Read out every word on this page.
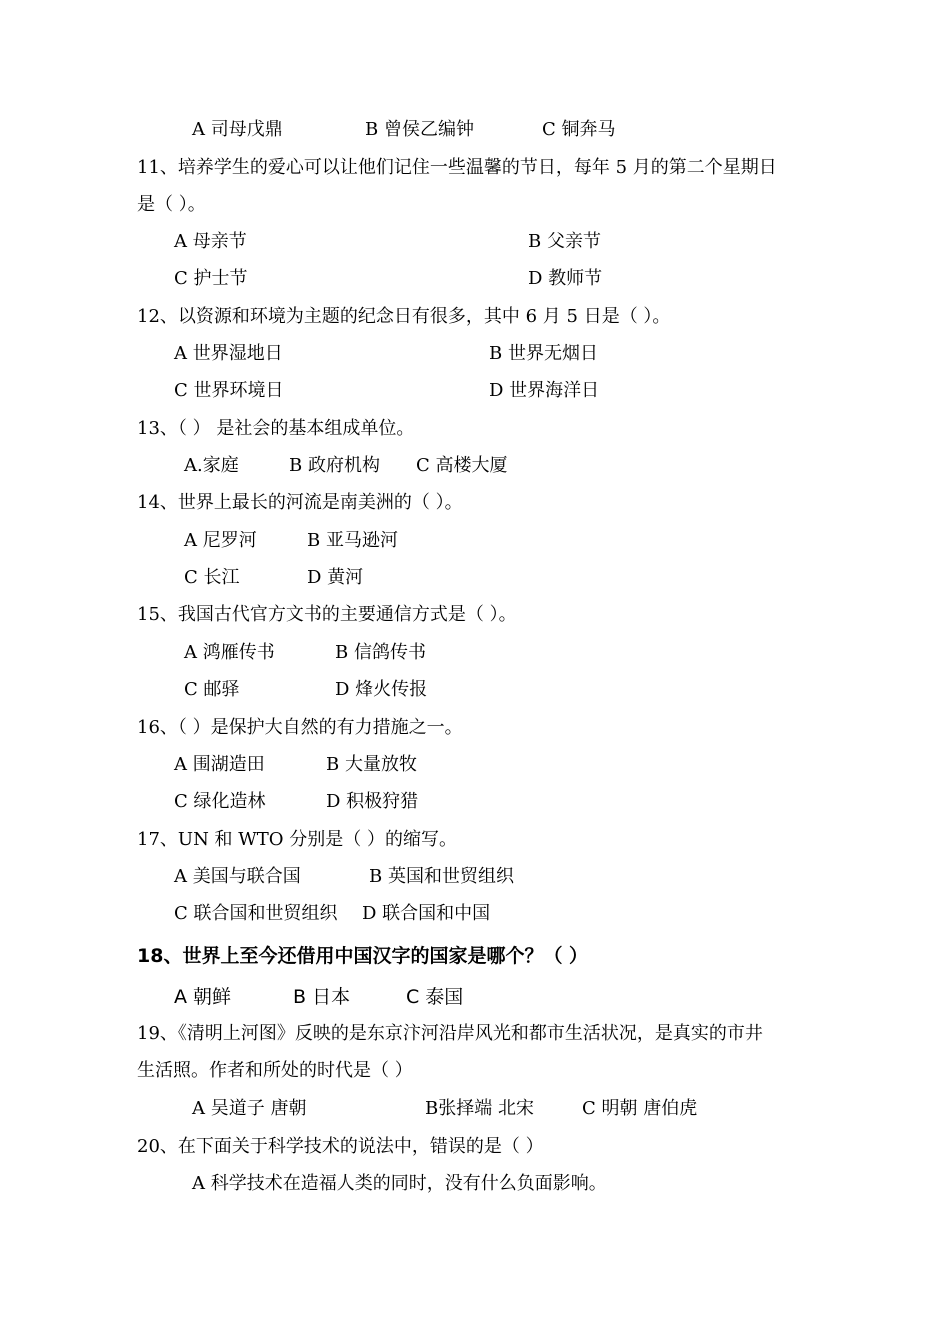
A 司母戊鼎	B 曾侯乙编钟	C 铜奔马
11、培养学生的爱心可以让他们记住一些温馨的节日，每年 5 月的第二个星期日
是（ ）。
A 母亲节	B 父亲节
C 护士节	D 教师节
12、以资源和环境为主题的纪念日有很多，其中 6 月 5 日是（ ）。
A 世界湿地日	B 世界无烟日
C 世界环境日	D 世界海洋日
13、（ ） 是社会的基本组成单位。
A.家庭	B 政府机构 C 高楼大厦
14、世界上最长的河流是南美洲的（ ）。
A 尼罗河	B 亚马逊河
C 长江	D 黄河
15、我国古代官方文书的主要通信方式是（ ）。
A 鸿雁传书	B 信鸽传书
C 邮驿	D 烽火传报
16、（ ）是保护大自然的有力措施之一。
A 围湖造田	B 大量放牧
C 绿化造林	D 积极狩猎
17、UN 和 WTO 分别是（ ）的缩写。
A 美国与联合国	B 英国和世贸组织
C 联合国和世贸组织 D 联合国和中国
18、世界上至今还借用中国汉字的国家是哪个？（ ）
A 朝鲜	B 日本	C 泰国
19、《清明上河图》反映的是东京汴河沿岸风光和都市生活状况，是真实的市井
生活照。作者和所处的时代是（ ）
A 吴道子 唐朝	B张择端 北宋	C 明朝 唐伯虎
20、在下面关于科学技术的说法中，错误的是（ ）
A 科学技术在造福人类的同时，没有什么负面影响。
